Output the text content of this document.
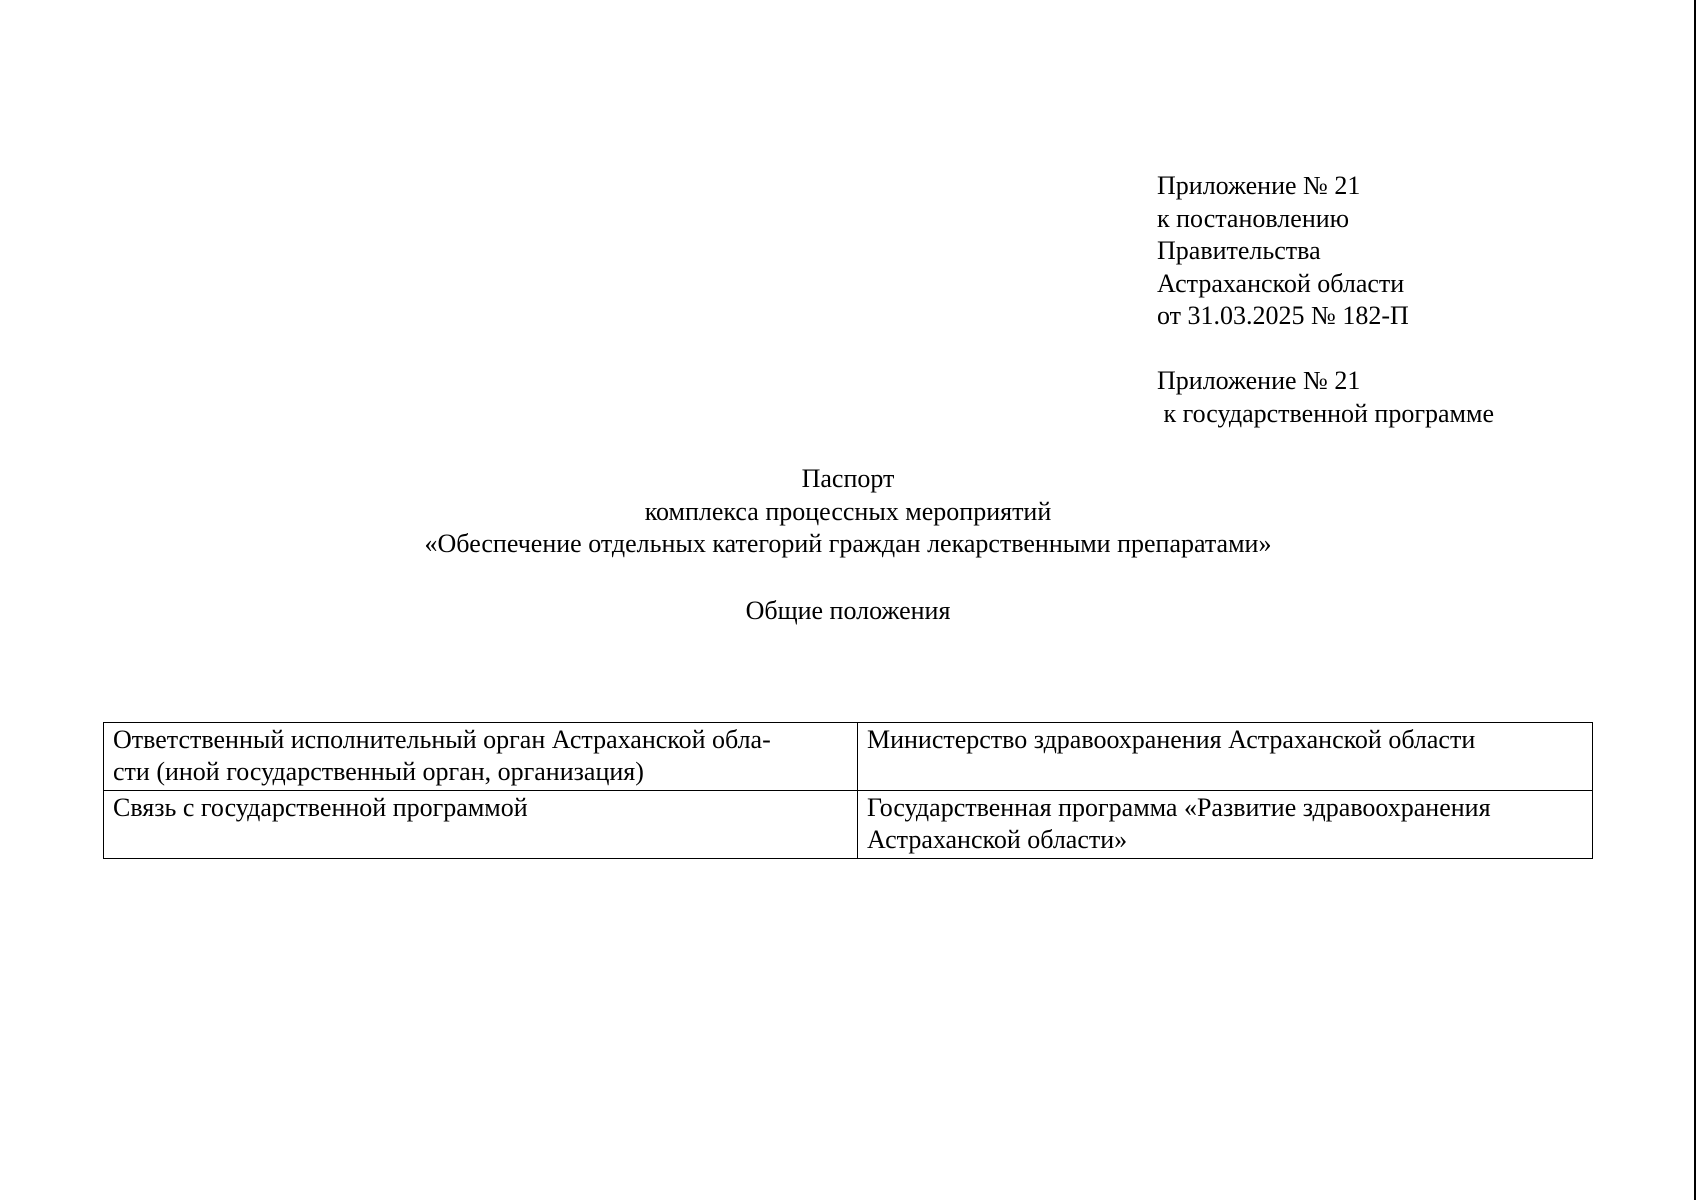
Приложение № 21
к постановлению
Правительства
Астраханской области
от 31.03.2025 № 182-П
Приложение № 21
к государственной программе
Паспорт
комплекса процессных мероприятий
«Обеспечение отдельных категорий граждан лекарственными препаратами»
Общие положения
Ответственный исполнительный орган Астраханской обла-
сти (иной государственный орган, организация)	Министерство здравоохранения Астраханской области

Связь с государственной программой	Государственная программа «Развитие здравоохранения
Астраханской области»
